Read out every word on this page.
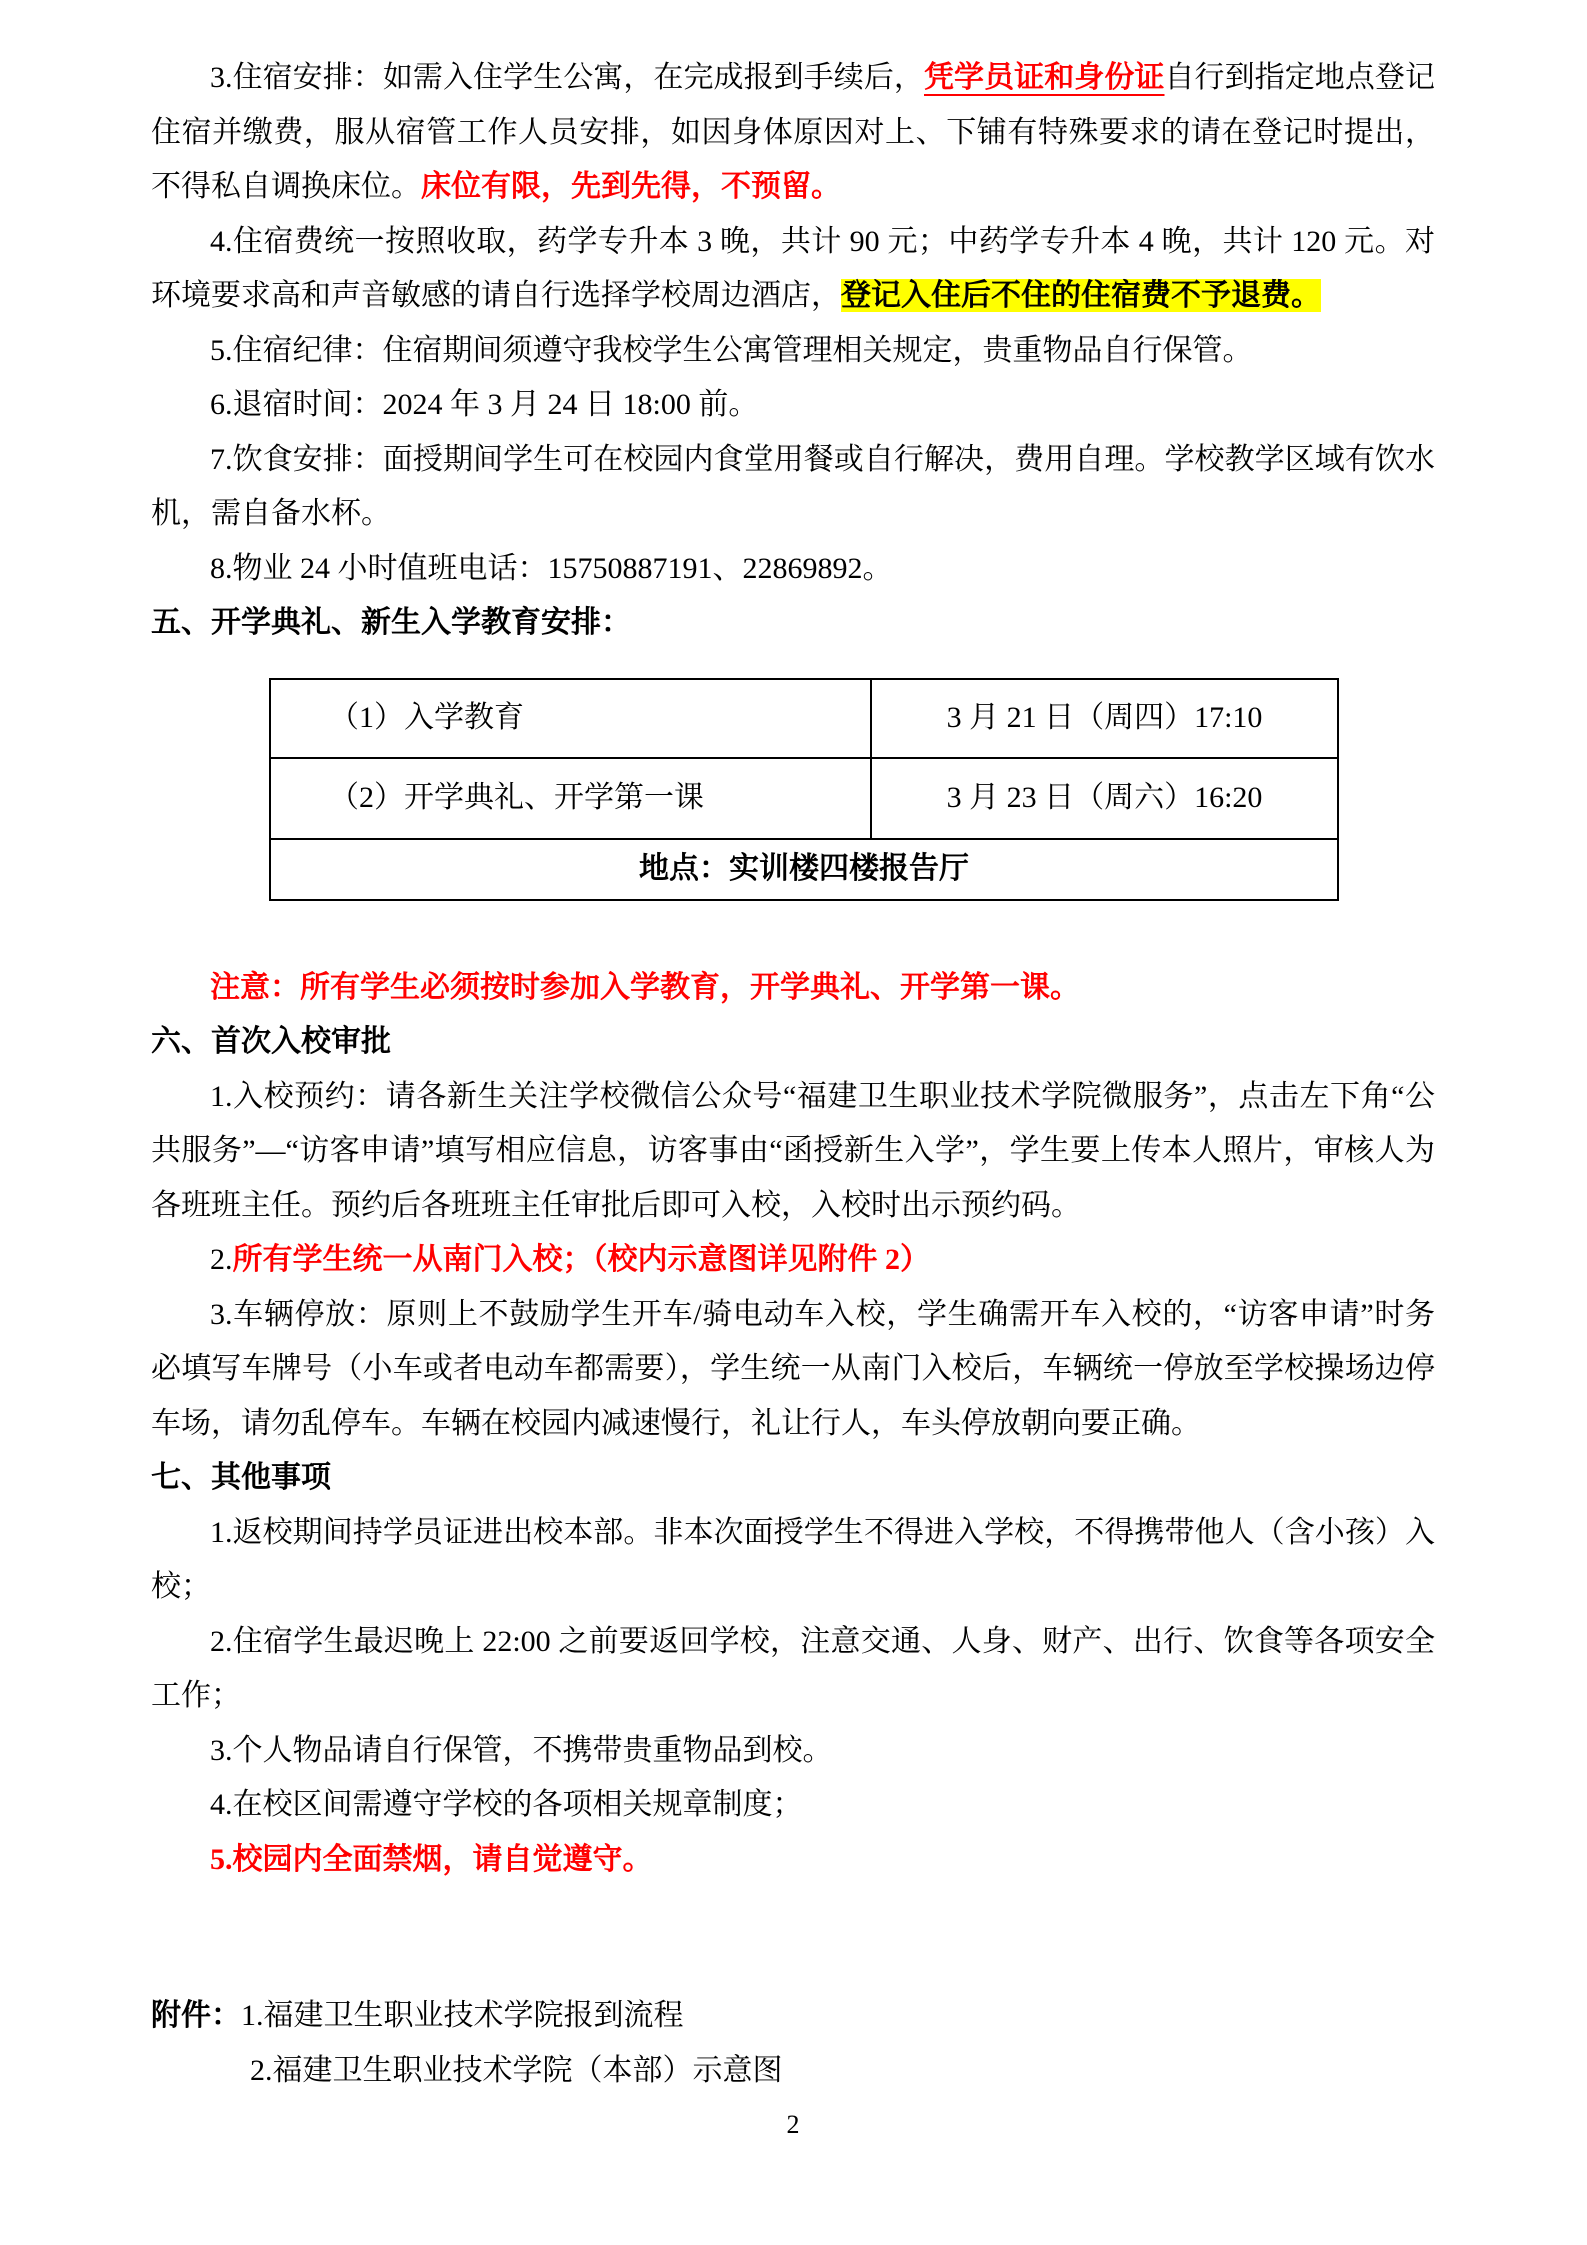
3.住宿安排：如需入住学生公寓，在完成报到手续后，凭学员证和身份证自行到指定地点登记住宿并缴费，服从宿管工作人员安排，如因身体原因对上、下铺有特殊要求的请在登记时提出，不得私自调换床位。床位有限，先到先得，不预留。

4.住宿费统一按照收取，药学专升本 3 晚，共计 90 元；中药学专升本 4 晚，共计 120 元。对环境要求高和声音敏感的请自行选择学校周边酒店，登记入住后不住的住宿费不予退费。

5.住宿纪律：住宿期间须遵守我校学生公寓管理相关规定，贵重物品自行保管。

6.退宿时间：2024 年 3 月 24 日 18:00 前。

7.饮食安排：面授期间学生可在校园内食堂用餐或自行解决，费用自理。学校教学区域有饮水机，需自备水杯。

8.物业 24 小时值班电话：15750887191、22869892。

五、开学典礼、新生入学教育安排：

（1）入学教育	3 月 21 日（周四）17:10
（2）开学典礼、开学第一课	3 月 23 日（周六）16:20
地点：实训楼四楼报告厅	

注意：所有学生必须按时参加入学教育，开学典礼、开学第一课。

六、首次入校审批

1.入校预约：请各新生关注学校微信公众号“福建卫生职业技术学院微服务”，点击左下角“公共服务”—“访客申请”填写相应信息，访客事由“函授新生入学”，学生要上传本人照片，审核人为各班班主任。预约后各班班主任审批后即可入校，入校时出示预约码。

2.所有学生统一从南门入校；（校内示意图详见附件 2）

3.车辆停放：原则上不鼓励学生开车/骑电动车入校，学生确需开车入校的，“访客申请”时务必填写车牌号（小车或者电动车都需要），学生统一从南门入校后，车辆统一停放至学校操场边停车场，请勿乱停车。车辆在校园内减速慢行，礼让行人，车头停放朝向要正确。

七、其他事项

1.返校期间持学员证进出校本部。非本次面授学生不得进入学校，不得携带他人（含小孩）入校；

2.住宿学生最迟晚上 22:00 之前要返回学校，注意交通、人身、财产、出行、饮食等各项安全工作；

3.个人物品请自行保管，不携带贵重物品到校。

4.在校区间需遵守学校的各项相关规章制度；

5.校园内全面禁烟，请自觉遵守。

附件：1.福建卫生职业技术学院报到流程

2.福建卫生职业技术学院（本部）示意图

2
